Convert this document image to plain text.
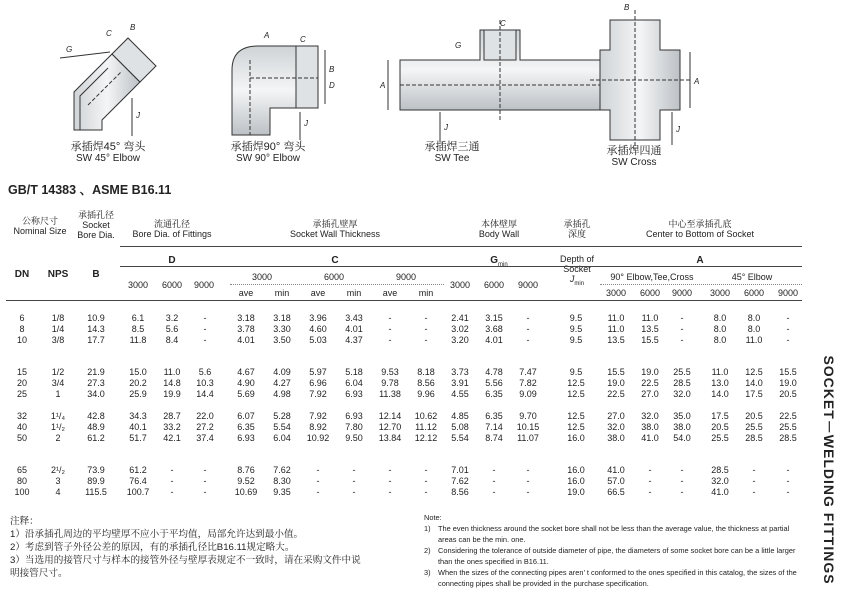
G
C
B
J
A	C
B
D
J
A
J
G
C
B
A
J
承插焊45° 弯头
SW 45° Elbow
承插焊90° 弯头
SW 90° Elbow
承插焊三通
SW Tee
承插焊四通
SW Cross
GB/T 14383 、ASME B16.11
公称尺寸
Nominal Size
承插孔径
Socket
Bore Dia.
流通孔径
Bore Dia. of Fittings
承插孔壁厚
Socket Wall Thickness
本体壁厚
Body Wall
承插孔
深度
中心至承插孔底
Center to Bottom of Socket
D	C	$G_{min}$
Depth of
Socket
$J_{min}$
A
DN	NPS	B
3000	6000	9000
3000	6000	9000
ave	min	ave	min	ave	min
3000	6000	9000
90° Elbow,Tee,Cross	45° Elbow
3000	6000	9000	3000	6000	9000
6	1/8	10.9	6.1	3.2	-	3.18	3.18	3.96	3.43	-	-	2.41	3.15	-	9.5	11.0	11.0	-	8.0	8.0	-
8	1/4	14.3	8.5	5.6	-	3.78	3.30	4.60	4.01	-	-	3.02	3.68	-	9.5	11.0	13.5	-	8.0	8.0	-
10	3/8	17.7	11.8	8.4	-	4.01	3.50	5.03	4.37	-	-	3.20	4.01	-	9.5	13.5	15.5	-	8.0	11.0	-
15	1/2	21.9	15.0	11.0	5.6	4.67	4.09	5.97	5.18	9.53	8.18	3.73	4.78	7.47	9.5	15.5	19.0	25.5	11.0	12.5	15.5
20	3/4	27.3	20.2	14.8	10.3	4.90	4.27	6.96	6.04	9.78	8.56	3.91	5.56	7.82	12.5	19.0	22.5	28.5	13.0	14.0	19.0
25	1	34.0	25.9	19.9	14.4	5.69	4.98	7.92	6.93	11.38	9.96	4.55	6.35	9.09	12.5	22.5	27.0	32.0	14.0	17.5	20.5
32	1¹/₄	42.8	34.3	28.7	22.0	6.07	5.28	7.92	6.93	12.14	10.62	4.85	6.35	9.70	12.5	27.0	32.0	35.0	17.5	20.5	22.5
40	1¹/₂	48.9	40.1	33.2	27.2	6.35	5.54	8.92	7.80	12.70	11.12	5.08	7.14	10.15	12.5	32.0	38.0	38.0	20.5	25.5	25.5
50	2	61.2	51.7	42.1	37.4	6.93	6.04	10.92	9.50	13.84	12.12	5.54	8.74	11.07	16.0	38.0	41.0	54.0	25.5	28.5	28.5
65	2¹/₂	73.9	61.2	-	-	8.76	7.62	-	-	-	-	7.01	-	-	16.0	41.0	-	-	28.5	-	-
80	3	89.9	76.4	-	-	9.52	8.30	-	-	-	-	7.62	-	-	16.0	57.0	-	-	32.0	-	-
100	4	115.5	100.7	-	-	10.69	9.35	-	-	-	-	8.56	-	-	19.0	66.5	-	-	41.0	-	-	SOCKET－WELDING FITTINGS
注释：
1）沿承插孔周边的平均壁厚不应小于平均值，局部允许达到最小值。
2）考虑到管子外径公差的原因，有的承插孔径比B16.11规定略大。
3）当选用的接管尺寸与样本的接管外径与壁厚表规定不一致时，请在采购文件中说
明接管尺寸。
Note:
1)	The even thickness around the socket bore shall not be less than the average value, the thickness at partial areas can be the min. one.
2)	Considering the tolerance of outside diameter of pipe, the diameters of some socket bore can be a little larger than the ones specified in B16.11.
3)	When the sizes of the connecting pipes aren’ t conformed to the ones specified in this catalog, the sizes of the connecting pipes shall be provided in the purchase specification.
